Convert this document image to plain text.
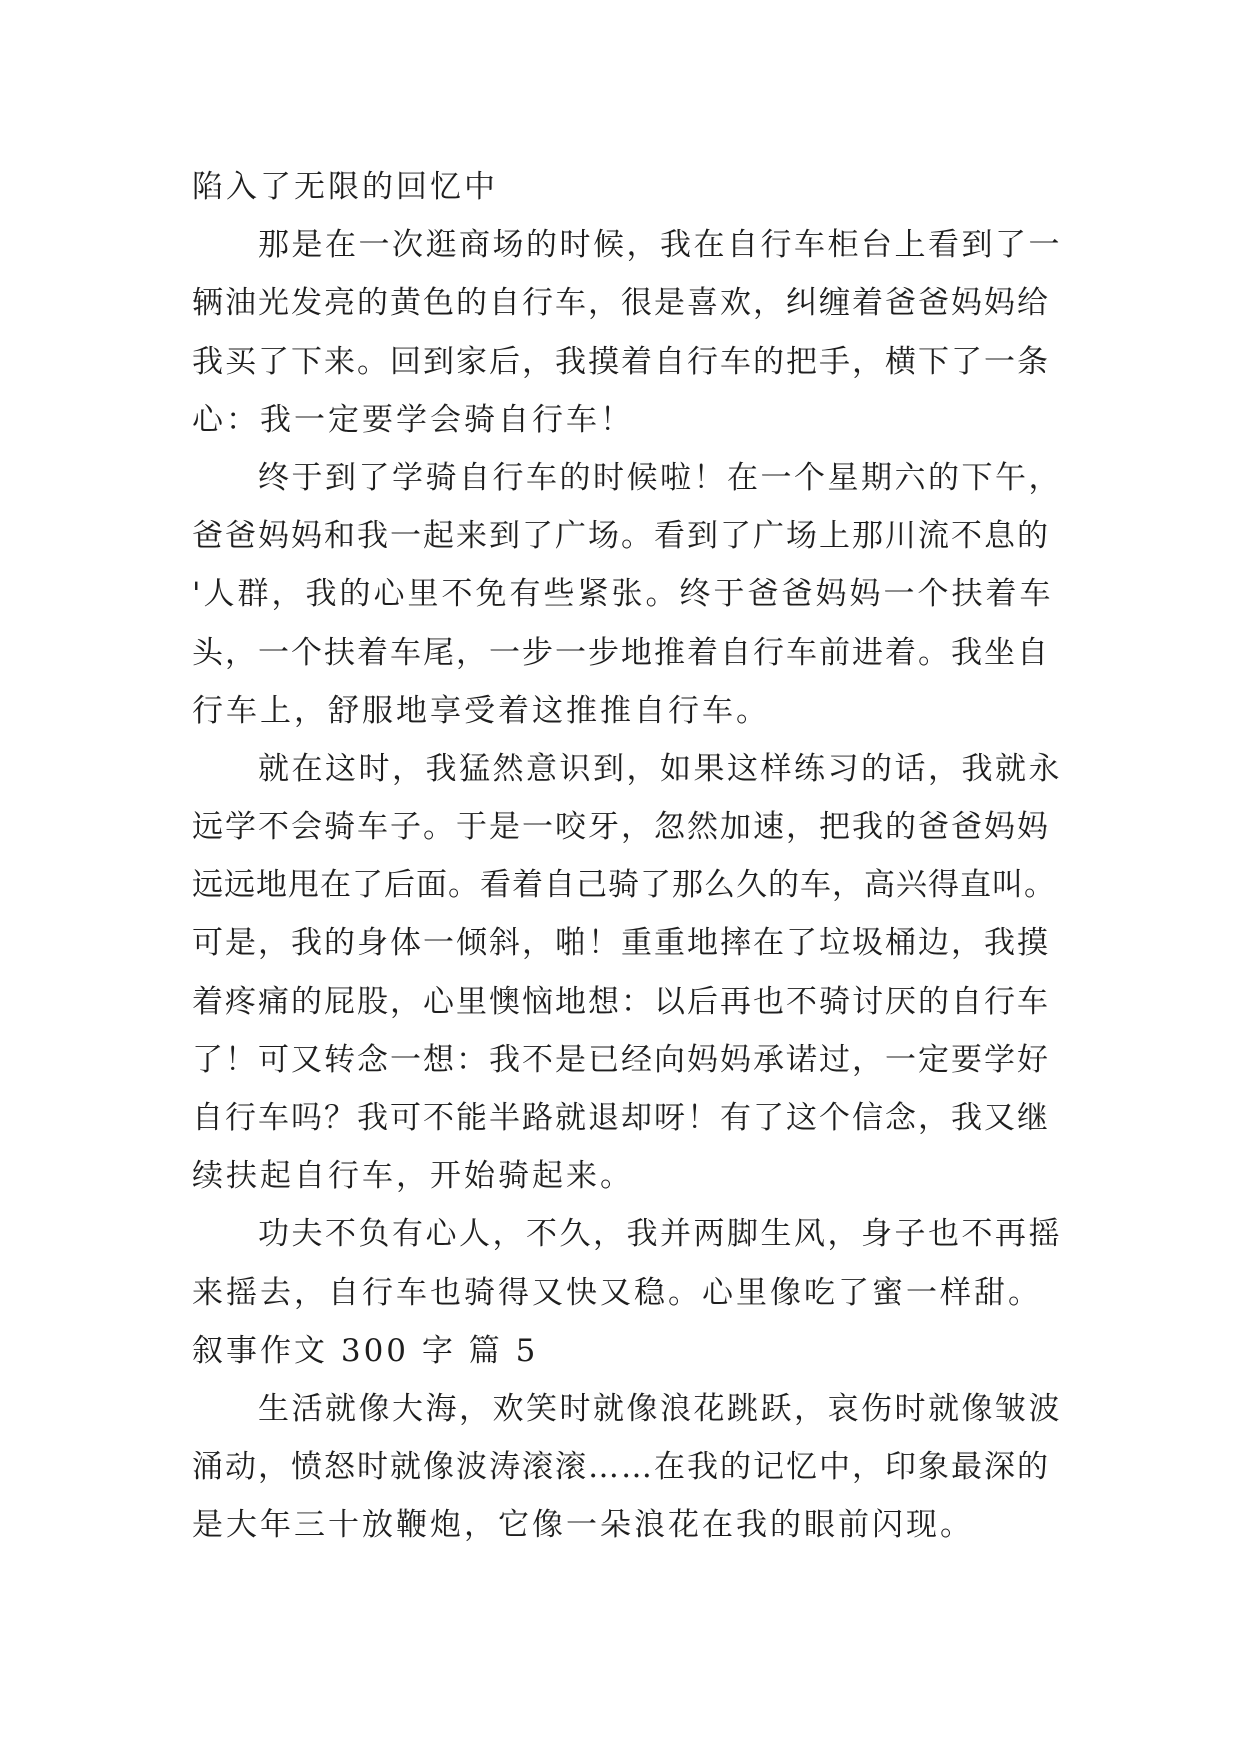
陷入了无限的回忆中
那是在一次逛商场的时候，我在自行车柜台上看到了一
辆油光发亮的黄色的自行车，很是喜欢，纠缠着爸爸妈妈给
我买了下来。回到家后，我摸着自行车的把手，横下了一条
心：我一定要学会骑自行车！
终于到了学骑自行车的时候啦！在一个星期六的下午，
爸爸妈妈和我一起来到了广场。看到了广场上那川流不息的
'人群，我的心里不免有些紧张。终于爸爸妈妈一个扶着车
头，一个扶着车尾，一步一步地推着自行车前进着。我坐自
行车上，舒服地享受着这推推自行车。
就在这时，我猛然意识到，如果这样练习的话，我就永
远学不会骑车子。于是一咬牙，忽然加速，把我的爸爸妈妈
远远地甩在了后面。看着自己骑了那么久的车，高兴得直叫。
可是，我的身体一倾斜，啪！重重地摔在了垃圾桶边，我摸
着疼痛的屁股，心里懊恼地想：以后再也不骑讨厌的自行车
了！可又转念一想：我不是已经向妈妈承诺过，一定要学好
自行车吗？我可不能半路就退却呀！有了这个信念，我又继
续扶起自行车，开始骑起来。
功夫不负有心人，不久，我并两脚生风，身子也不再摇
来摇去，自行车也骑得又快又稳。心里像吃了蜜一样甜。
叙事作文 300 字 篇 5
生活就像大海，欢笑时就像浪花跳跃，哀伤时就像皱波
涌动，愤怒时就像波涛滚滚……在我的记忆中，印象最深的
是大年三十放鞭炮，它像一朵浪花在我的眼前闪现。
